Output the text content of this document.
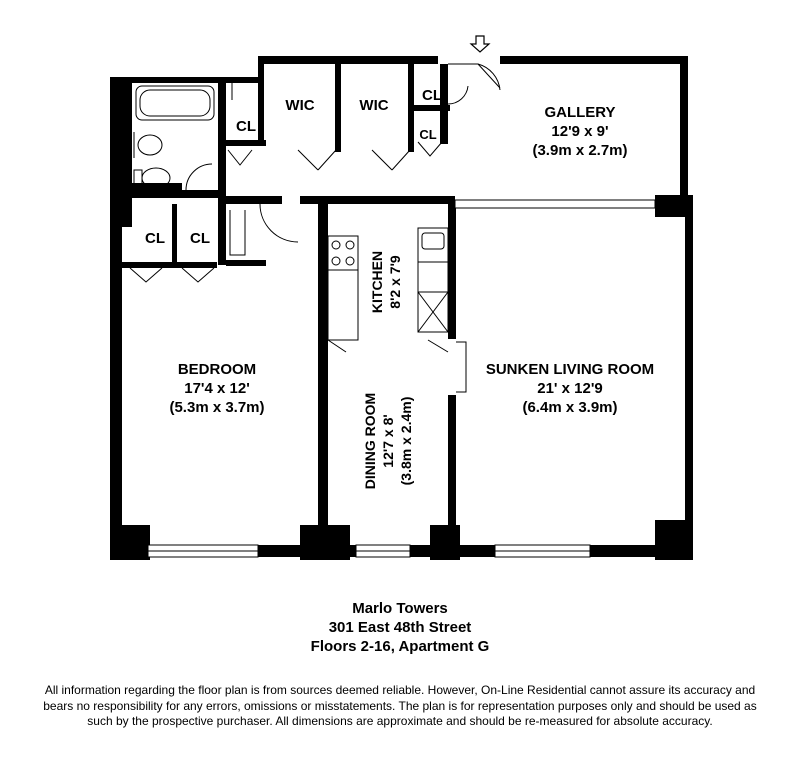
WIC	WIC
CL
CL
CL
CL CL
GALLERY
12'9 x 9'
(3.9m x 2.7m)
BEDROOM
17'4 x 12'
(5.3m x 3.7m)
SUNKEN LIVING ROOM
21' x 12'9
(6.4m x 3.9m)
KITCHEN 8'2 x 7'9
DINING ROOM 12'7 x 8' (3.8m x 2.4m)
Marlo Towers
301 East 48th Street
Floors 2-16, Apartment G
All information regarding the floor plan is from sources deemed reliable. However, On-Line Residential cannot assure its accuracy and bears no responsibility for any errors, omissions or misstatements. The plan is for representation purposes only and should be used as such by the prospective purchaser. All dimensions are approximate and should be re-measured for absolute accuracy.
